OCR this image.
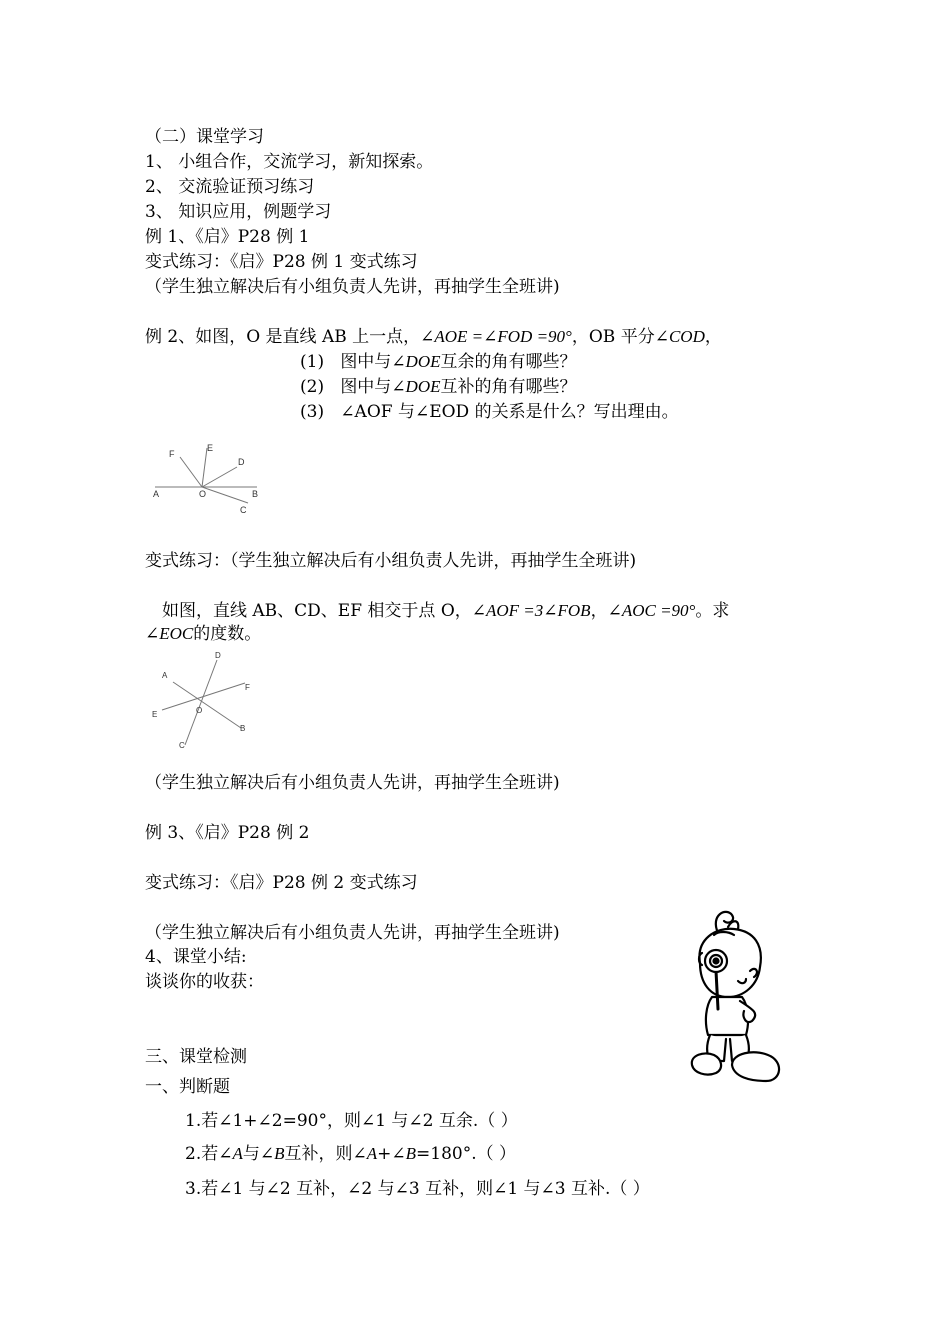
（二）课堂学习
1、 小组合作，交流学习，新知探索。
2、 交流验证预习练习
3、 知识应用，例题学习
例 1、《启》P28 例 1
变式练习：《启》P28 例 1 变式练习
（学生独立解决后有小组负责人先讲，再抽学生全班讲)
例 2、如图，O 是直线 AB 上一点，∠AOE =∠FOD =90°，OB 平分∠COD，
(1) 图中与∠DOE互余的角有哪些？
(2) 图中与∠DOE互补的角有哪些？
(3) ∠AOF 与∠EOD 的关系是什么？写出理由。
F
E
D
A	O	B
C
变式练习：（学生独立解决后有小组负责人先讲，再抽学生全班讲)
如图，直线 AB、CD、EF 相交于点 O，∠AOF =3∠FOB，∠AOC =90°。求
∠EOC的度数。
D
A
F
E	O
B
C
（学生独立解决后有小组负责人先讲，再抽学生全班讲)
例 3、《启》P28 例 2
变式练习：《启》P28 例 2 变式练习
（学生独立解决后有小组负责人先讲，再抽学生全班讲)
4、课堂小结:
谈谈你的收获：
三、课堂检测
一、判断题
1.若∠1+∠2=90°，则∠1 与∠2 互余.（ ）
2.若∠A与∠B互补，则∠A+∠B=180°.（ ）
3.若∠1 与∠2 互补，∠2 与∠3 互补，则∠1 与∠3 互补.（ ）
